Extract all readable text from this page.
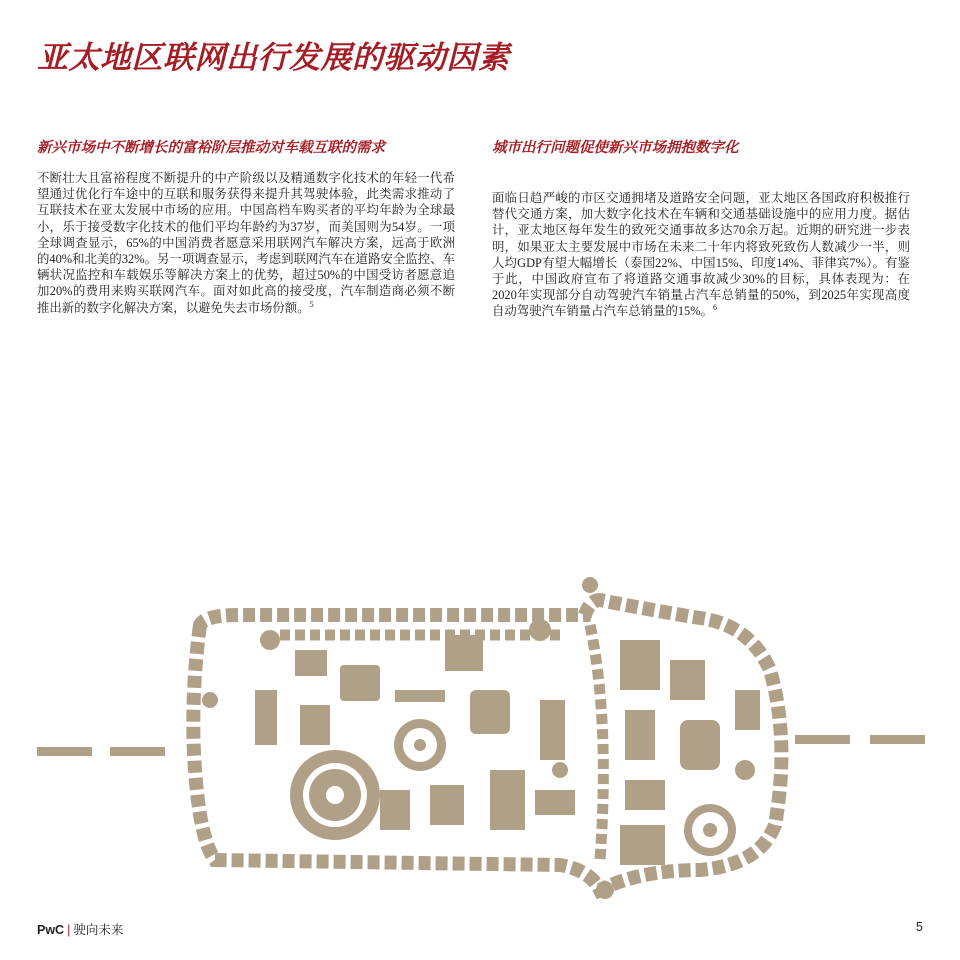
亚太地区联网出行发展的驱动因素
新兴市场中不断增长的富裕阶层推动对车载互联的需求

不断壮大且富裕程度不断提升的中产阶级以及精通数字化技术的年轻一代希望通过优化行车途中的互联和服务获得来提升其驾驶体验，此类需求推动了互联技术在亚太发展中市场的应用。中国高档车购买者的平均年龄为全球最小，乐于接受数字化技术的他们平均年龄约为37岁，而美国则为54岁。一项全球调查显示，65%的中国消费者愿意采用联网汽车解决方案，远高于欧洲的40%和北美的32%。另一项调查显示，考虑到联网汽车在道路安全监控、车辆状况监控和车载娱乐等解决方案上的优势，超过50%的中国受访者愿意追加20%的费用来购买联网汽车。面对如此高的接受度，汽车制造商必须不断推出新的数字化解决方案，以避免失去市场份额。$^5$

城市出行问题促使新兴市场拥抱数字化

面临日趋严峻的市区交通拥堵及道路安全问题，亚太地区各国政府积极推行替代交通方案，加大数字化技术在车辆和交通基础设施中的应用力度。据估计，亚太地区每年发生的致死交通事故多达70余万起。近期的研究进一步表明，如果亚太主要发展中市场在未来二十年内将致死致伤人数减少一半，则人均GDP有望大幅增长（泰国22%、中国15%、印度14%、菲律宾7%）。有鉴于此，中国政府宣布了将道路交通事故减少30%的目标，具体表现为：在2020年实现部分自动驾驶汽车销量占汽车总销量的50%，到2025年实现高度自动驾驶汽车销量占汽车总销量的15%。$^6$

PwC | 驶向未来	5
